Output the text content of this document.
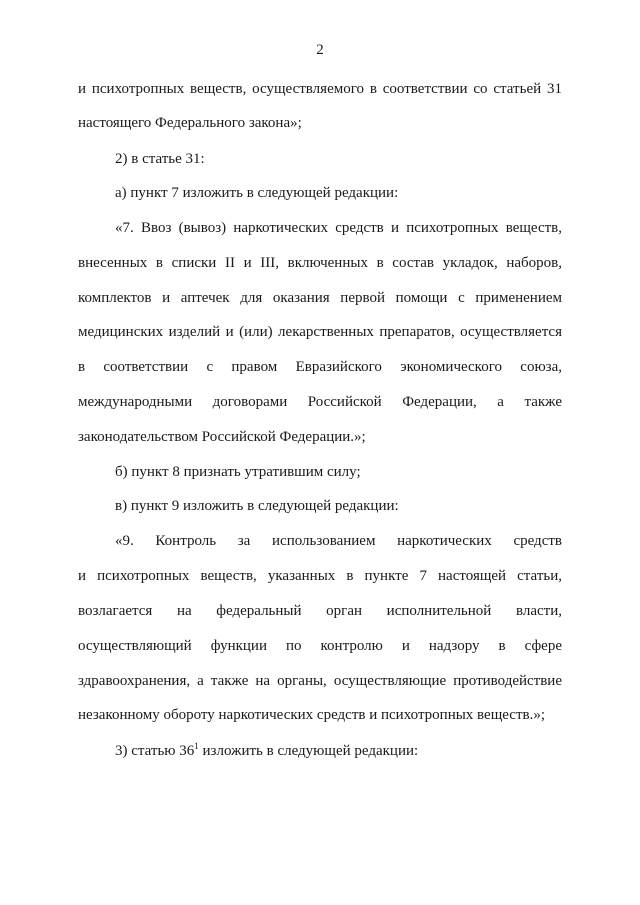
2
и психотропных веществ, осуществляемого в соответствии со статьей 31
настоящего Федерального закона»;
2) в статье 31:
а) пункт 7 изложить в следующей редакции:
«7. Ввоз (вывоз) наркотических средств и психотропных веществ,
внесенных в списки II и III, включенных в состав укладок, наборов,
комплектов и аптечек для оказания первой помощи с применением
медицинских изделий и (или) лекарственных препаратов, осуществляется
в соответствии с правом Евразийского экономического союза,
международными договорами Российской Федерации, а также
законодательством Российской Федерации.»;
б) пункт 8 признать утратившим силу;
в) пункт 9 изложить в следующей редакции:
«9. Контроль за использованием наркотических средств
и психотропных веществ, указанных в пункте 7 настоящей статьи,
возлагается на федеральный орган исполнительной власти,
осуществляющий функции по контролю и надзору в сфере
здравоохранения, а также на органы, осуществляющие противодействие
незаконному обороту наркотических средств и психотропных веществ.»;
3) статью $36^1$ изложить в следующей редакции:
